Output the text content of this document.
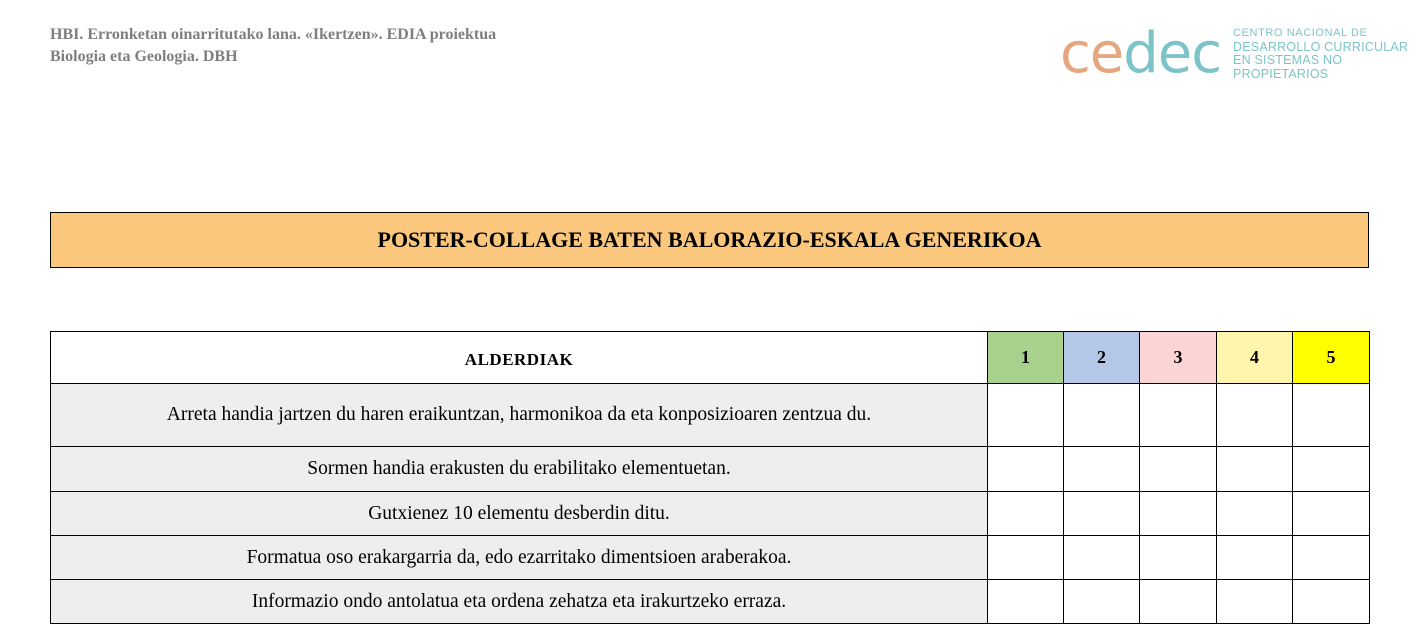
HBI. Erronketan oinarritutako lana. «Ikertzen». EDIA proiektua
Biologia eta Geologia. DBH	ce dec CENTRO NACIONAL DE
DESARROLLO CURRICULAR
EN SISTEMAS NO PROPIETARIOS
POSTER-COLLAGE BATEN BALORAZIO-ESKALA GENERIKOA
ALDERDIAK	1	2	3	4	5
Arreta handia jartzen du haren eraikuntzan, harmonikoa da eta konposizioaren zentzua du.					
Sormen handia erakusten du erabilitako elementuetan.					
Gutxienez 10 elementu desberdin ditu.					
Formatua oso erakargarria da, edo ezarritako dimentsioen araberakoa.					
Informazio ondo antolatua eta ordena zehatza eta irakurtzeko erraza.					
